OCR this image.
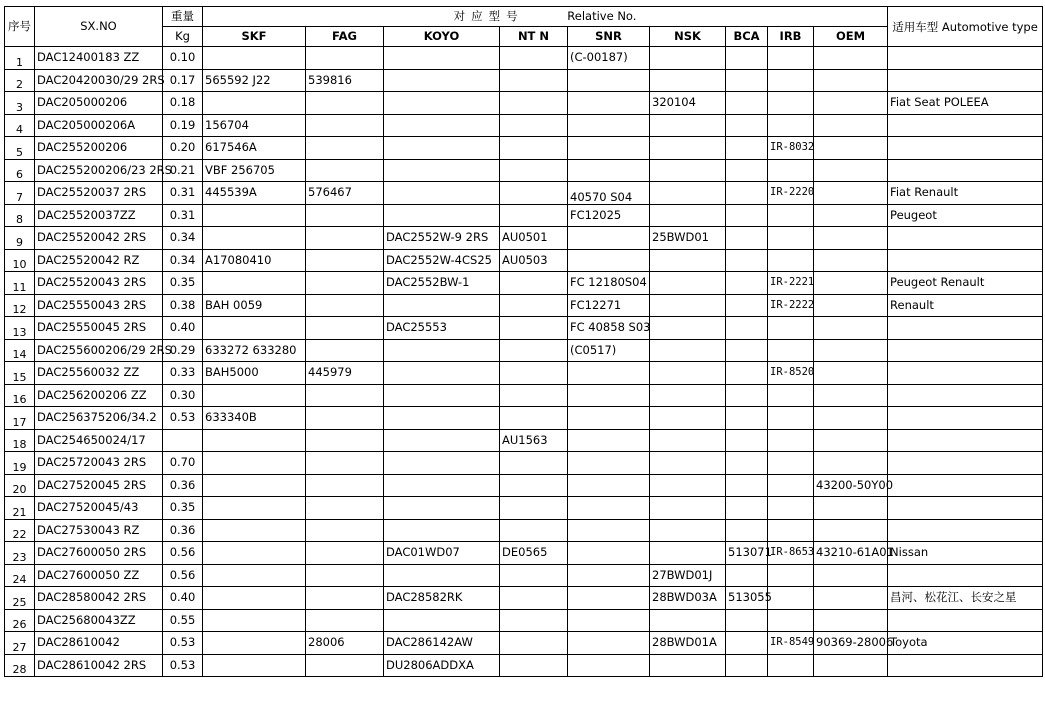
序号	SX.NO	重量	对应型号 Relative No.									适用车型 Automotive type
		Kg	SKF	FAG	KOYO	NT N	SNR	NSK	BCA	IRB	OEM	
1	DAC12400183 ZZ	0.10					(C-00187)					
2	DAC20420030/29 2RS	0.17	565592 J22	539816								
3	DAC205000206	0.18						320104				Fiat Seat POLEEA
4	DAC205000206A	0.19	156704									
5	DAC255200206	0.20	617546A							IR-8032		
6	DAC255200206/23 2RS	0.21	VBF 256705									
7	DAC25520037 2RS	0.31	445539A	576467			40570 S04			IR-2220		Fiat Renault
8	DAC25520037ZZ	0.31					FC12025					Peugeot
9	DAC25520042 2RS	0.34			DAC2552W-9 2RS	AU0501		25BWD01				
10	DAC25520042 RZ	0.34	A17080410		DAC2552W-4CS25	AU0503						
11	DAC25520043 2RS	0.35			DAC2552BW-1		FC 12180S04			IR-2221		Peugeot Renault
12	DAC25550043 2RS	0.38	BAH 0059				FC12271			IR-2222		Renault
13	DAC25550045 2RS	0.40			DAC25553		FC 40858 S03					
14	DAC255600206/29 2RS	0.29	633272 633280				(C0517)					
15	DAC25560032 ZZ	0.33	BAH5000	445979						IR-8520		
16	DAC256200206 ZZ	0.30										
17	DAC256375206/34.2	0.53	633340B									
18	DAC254650024/17					AU1563						
19	DAC25720043 2RS	0.70										
20	DAC27520045 2RS	0.36									43200-50Y00	
21	DAC27520045/43	0.35										
22	DAC27530043 RZ	0.36										
23	DAC27600050 2RS	0.56			DAC01WD07	DE0565			513071	IR-8653	43210-61A01	Nissan
24	DAC27600050 ZZ	0.56						27BWD01J				
25	DAC28580042 2RS	0.40			DAC28582RK			28BWD03A	513055			昌河、松花江、长安之星
26	DAC25680043ZZ	0.55										
27	DAC28610042	0.53		28006	DAC286142AW			28BWD01A		IR-8549	90369-28006	Toyota
28	DAC28610042 2RS	0.53			DU2806ADDXA							
